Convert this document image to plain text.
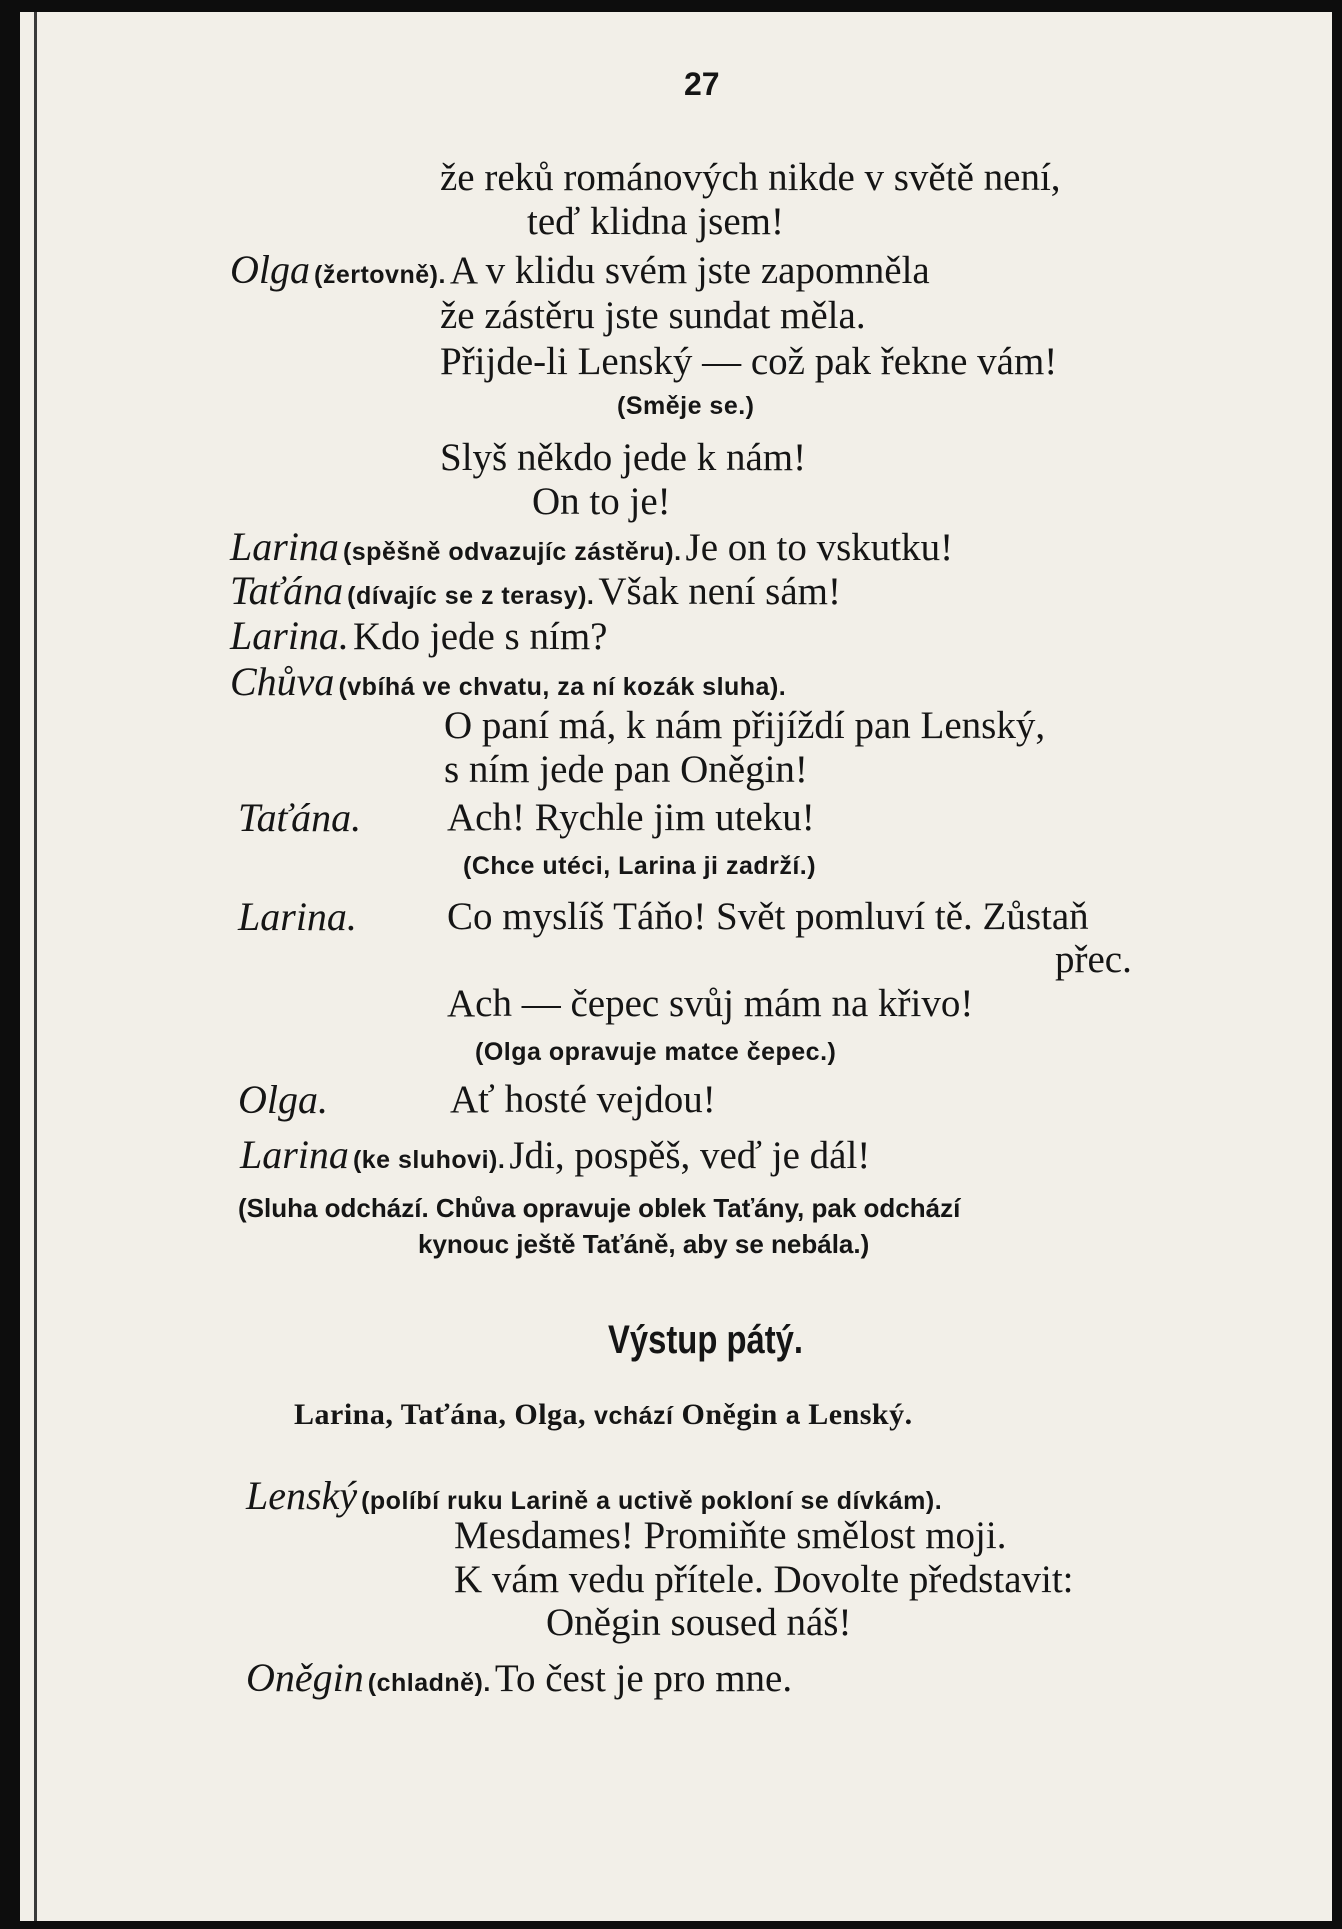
27
že reků románových nikde v světě není,
teď klidna jsem!
Olga (žertovně). A v klidu svém jste zapomněla
že zástěru jste sundat měla.
Přijde-li Lenský — což pak řekne vám!
(Směje se.)
Slyš někdo jede k nám!
On to je!
Larina (spěšně odvazujíc zástěru). Je on to vskutku!
Taťána (dívajíc se z terasy). Však není sám!
Larina. Kdo jede s ním?
Chůva (vbíhá ve chvatu, za ní kozák sluha).
O paní má, k nám přijíždí pan Lenský,
s ním jede pan Oněgin!
Taťána. Ach! Rychle jim uteku!
(Chce utéci, Larina ji zadrží.)
Larina. Co myslíš Táňo! Svět pomluví tě. Zůstaň
přec.
Ach — čepec svůj mám na křivo!
(Olga opravuje matce čepec.)
Olga.	Ať hosté vejdou!
Larina (ke sluhovi). Jdi, pospěš, veď je dál!
(Sluha odchází. Chůva opravuje oblek Taťány, pak odchází
kynouc ještě Taťáně, aby se nebála.)
Výstup pátý.
Larina, Taťána, Olga, vchází Oněgin a Lenský.
Lenský (políbí ruku Larině a uctivě pokloní se dívkám).
Mesdames! Promiňte smělost moji.
K vám vedu přítele. Dovolte představit:
Oněgin soused náš!
Oněgin (chladně). To čest je pro mne.
